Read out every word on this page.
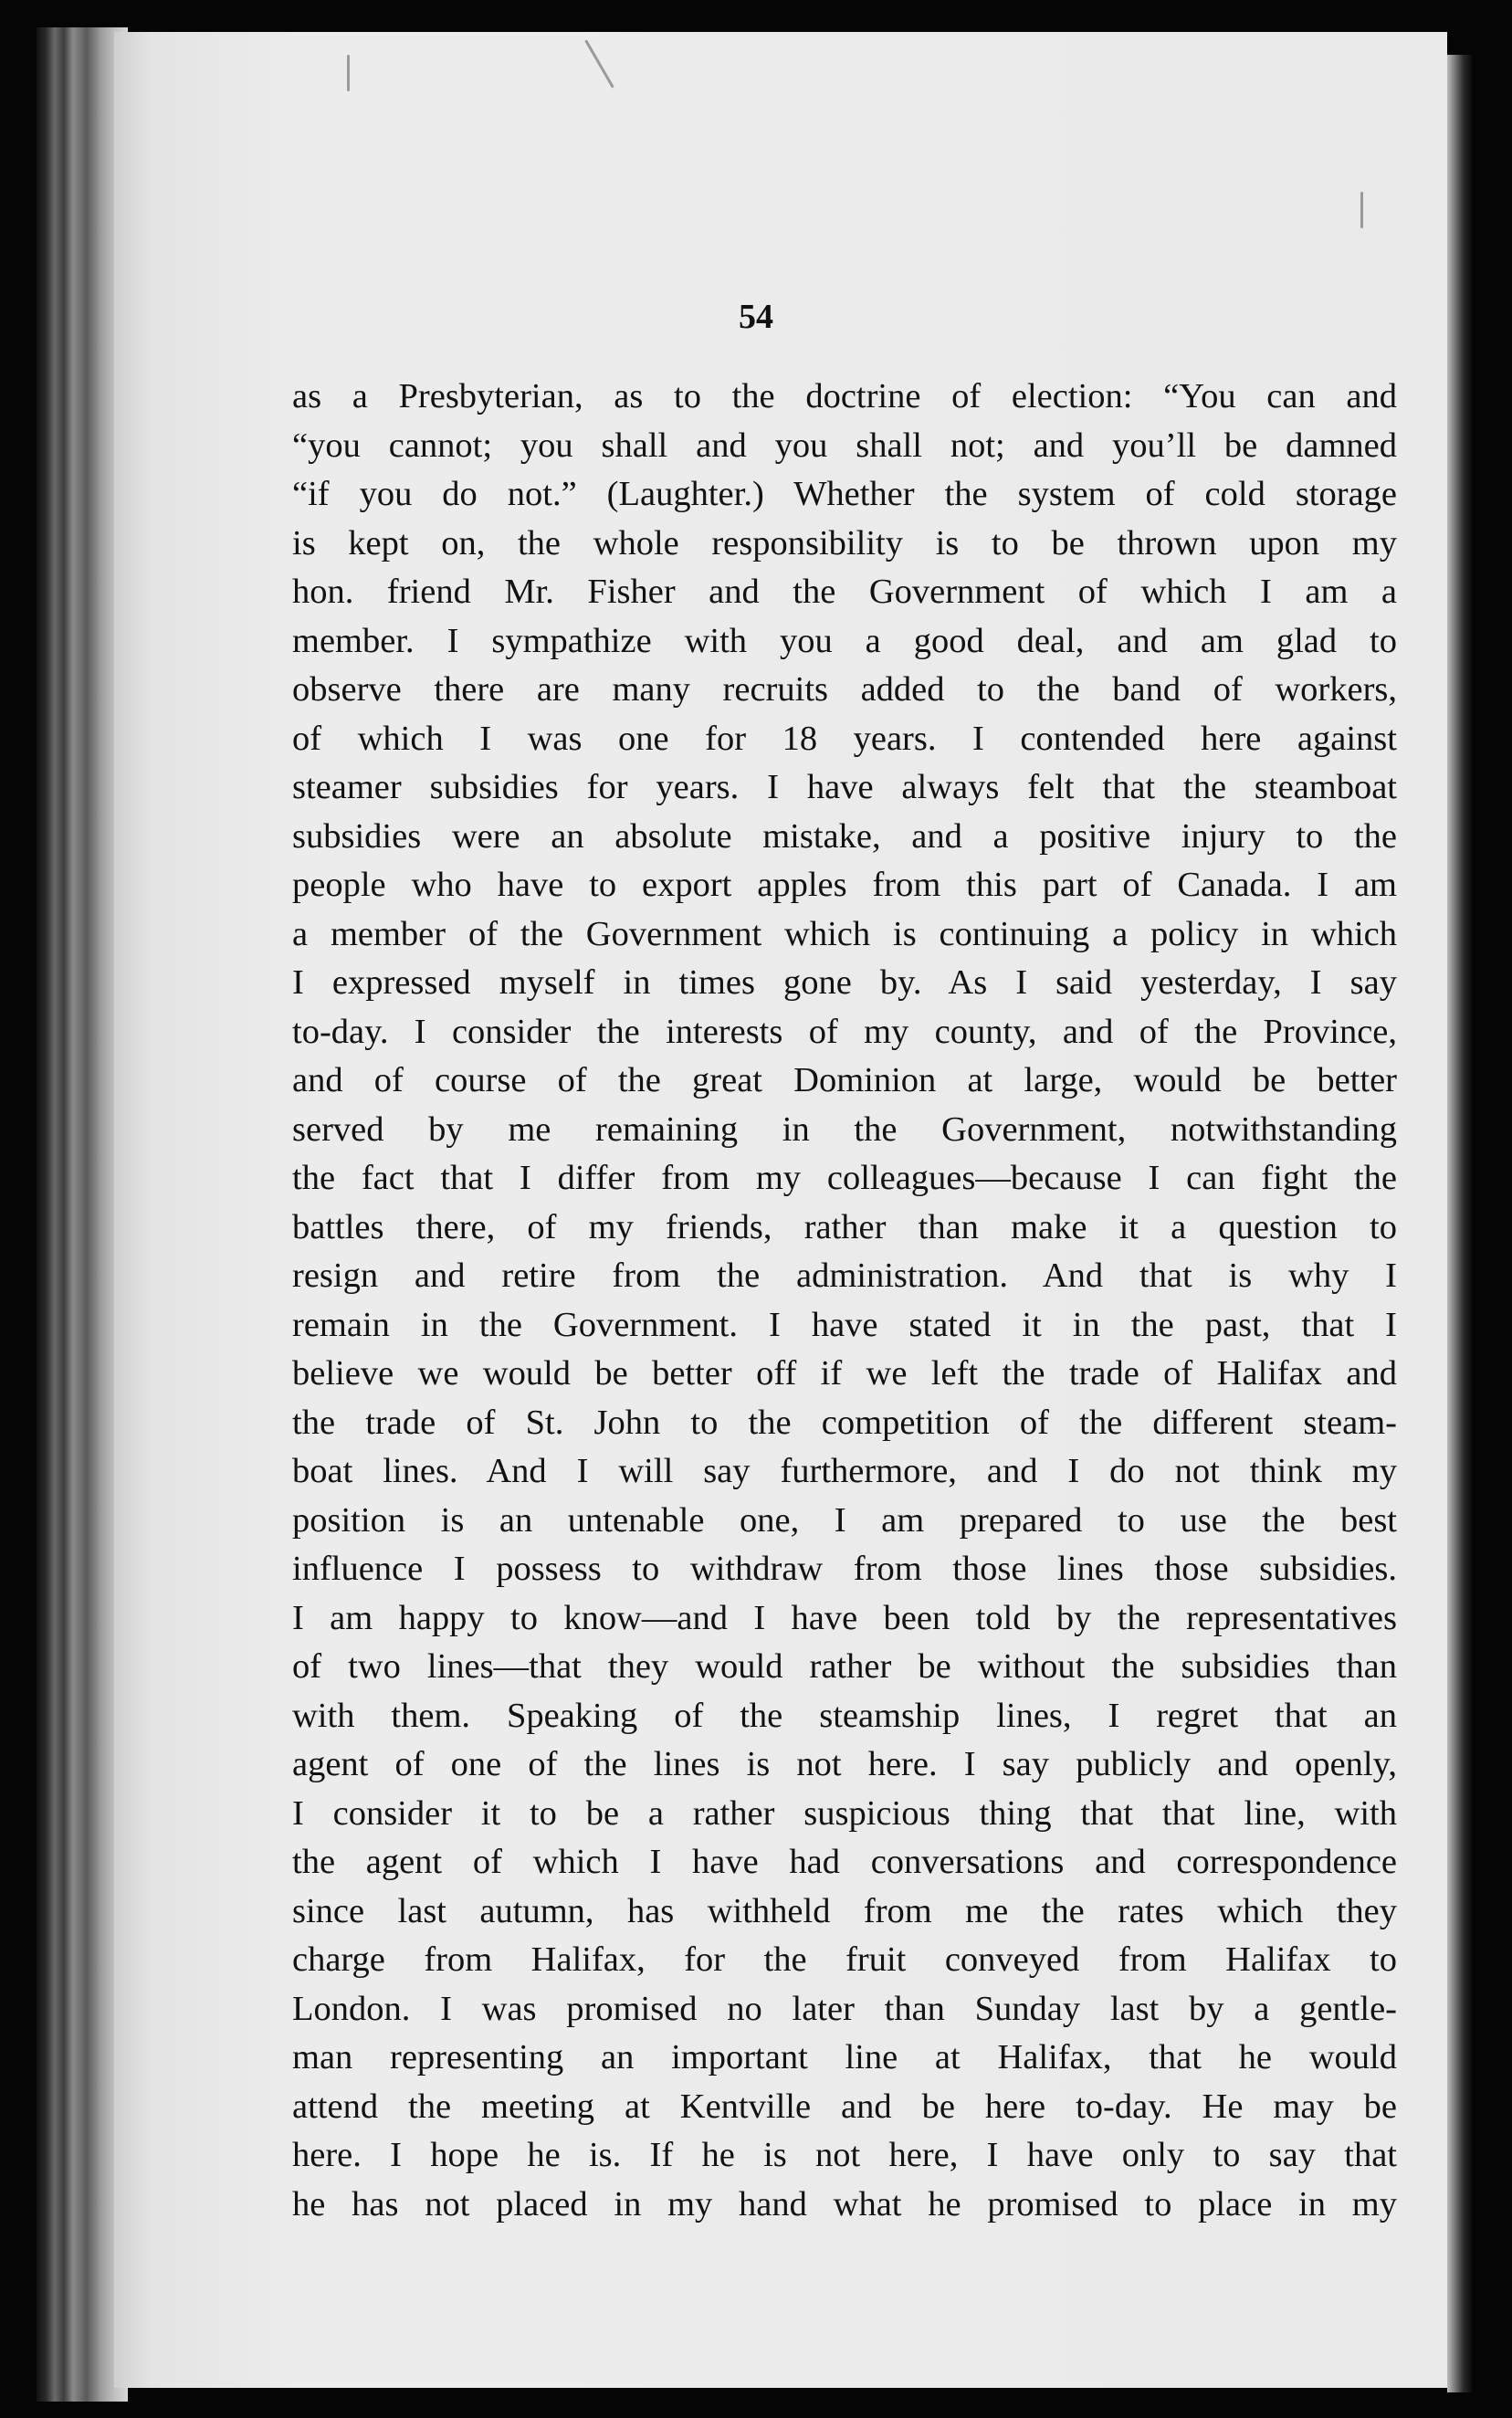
54
as a Presbyterian, as to the doctrine of election: “You can and
“you cannot; you shall and you shall not; and you’ll be damned
“if you do not.” (Laughter.) Whether the system of cold storage
is kept on, the whole responsibility is to be thrown upon my
hon. friend Mr. Fisher and the Government of which I am a
member. I sympathize with you a good deal, and am glad to
observe there are many recruits added to the band of workers,
of which I was one for 18 years. I contended here against
steamer subsidies for years. I have always felt that the steamboat
subsidies were an absolute mistake, and a positive injury to the
people who have to export apples from this part of Canada. I am
a member of the Government which is continuing a policy in which
I expressed myself in times gone by. As I said yesterday, I say
to-day. I consider the interests of my county, and of the Province,
and of course of the great Dominion at large, would be better
served by me remaining in the Government, notwithstanding
the fact that I differ from my colleagues—because I can fight the
battles there, of my friends, rather than make it a question to
resign and retire from the administration. And that is why I
remain in the Government. I have stated it in the past, that I
believe we would be better off if we left the trade of Halifax and
the trade of St. John to the competition of the different steam-
boat lines. And I will say furthermore, and I do not think my
position is an untenable one, I am prepared to use the best
influence I possess to withdraw from those lines those subsidies.
I am happy to know—and I have been told by the representatives
of two lines—that they would rather be without the subsidies than
with them. Speaking of the steamship lines, I regret that an
agent of one of the lines is not here. I say publicly and openly,
I consider it to be a rather suspicious thing that that line, with
the agent of which I have had conversations and correspondence
since last autumn, has withheld from me the rates which they
charge from Halifax, for the fruit conveyed from Halifax to
London. I was promised no later than Sunday last by a gentle-
man representing an important line at Halifax, that he would
attend the meeting at Kentville and be here to-day. He may be
here. I hope he is. If he is not here, I have only to say that
he has not placed in my hand what he promised to place in my
